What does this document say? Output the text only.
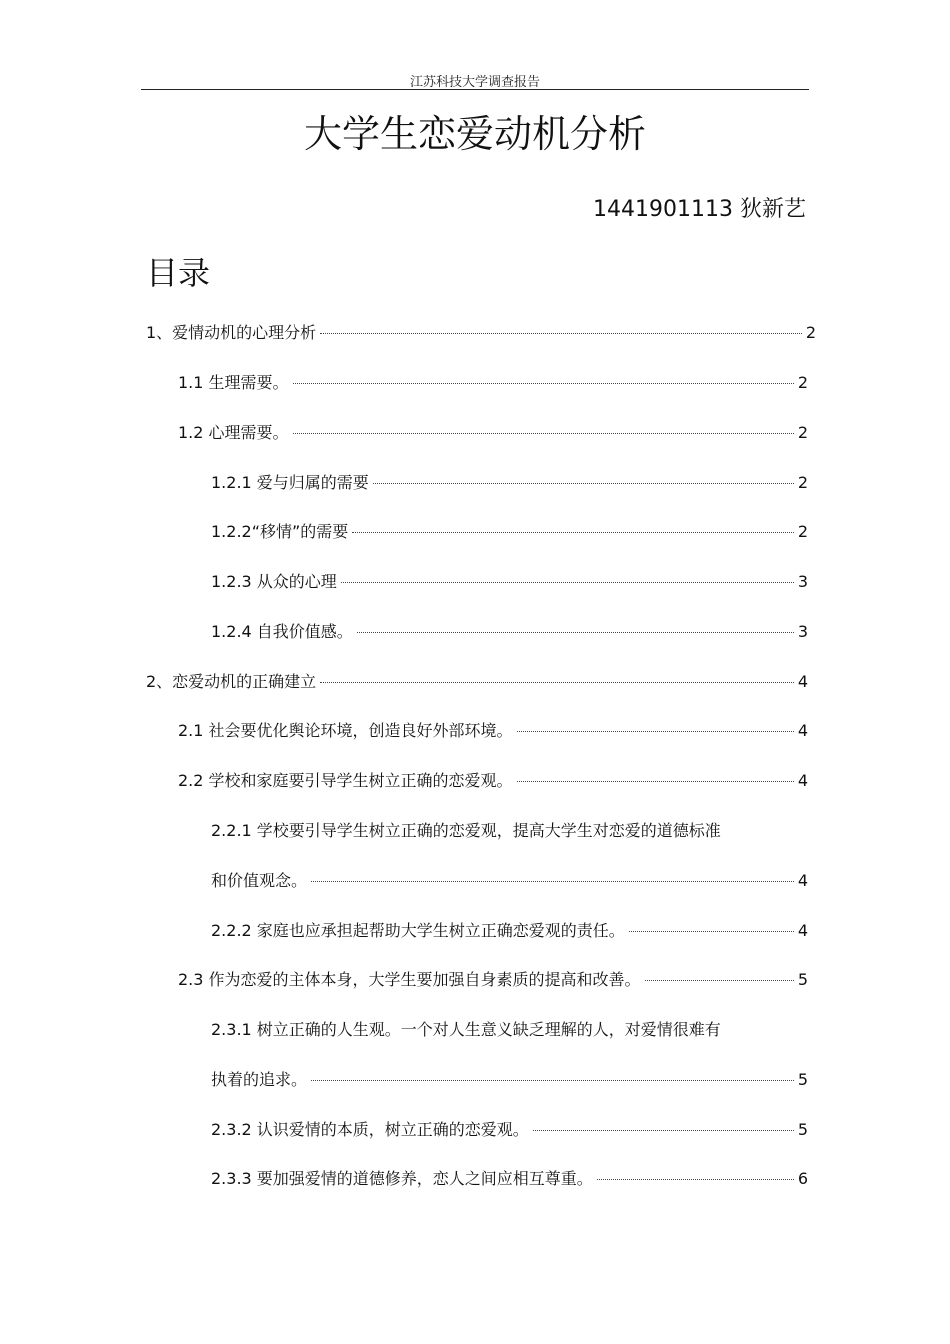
江苏科技大学调查报告
大学生恋爱动机分析
1441901113 狄新艺
目录
1、爱情动机的心理分析	2
1.1 生理需要。	2
1.2 心理需要。	2
1.2.1 爱与归属的需要	2
1.2.2“移情”的需要	2
1.2.3 从众的心理	3
1.2.4 自我价值感。	3
2、恋爱动机的正确建立	4
2.1 社会要优化舆论环境，创造良好外部环境。	4
2.2 学校和家庭要引导学生树立正确的恋爱观。	4
2.2.1 学校要引导学生树立正确的恋爱观，提高大学生对恋爱的道德标准
和价值观念。	4
2.2.2 家庭也应承担起帮助大学生树立正确恋爱观的责任。	4
2.3 作为恋爱的主体本身，大学生要加强自身素质的提高和改善。	5
2.3.1 树立正确的人生观。一个对人生意义缺乏理解的人，对爱情很难有
执着的追求。	5
2.3.2 认识爱情的本质，树立正确的恋爱观。	5
2.3.3 要加强爱情的道德修养，恋人之间应相互尊重。	6
